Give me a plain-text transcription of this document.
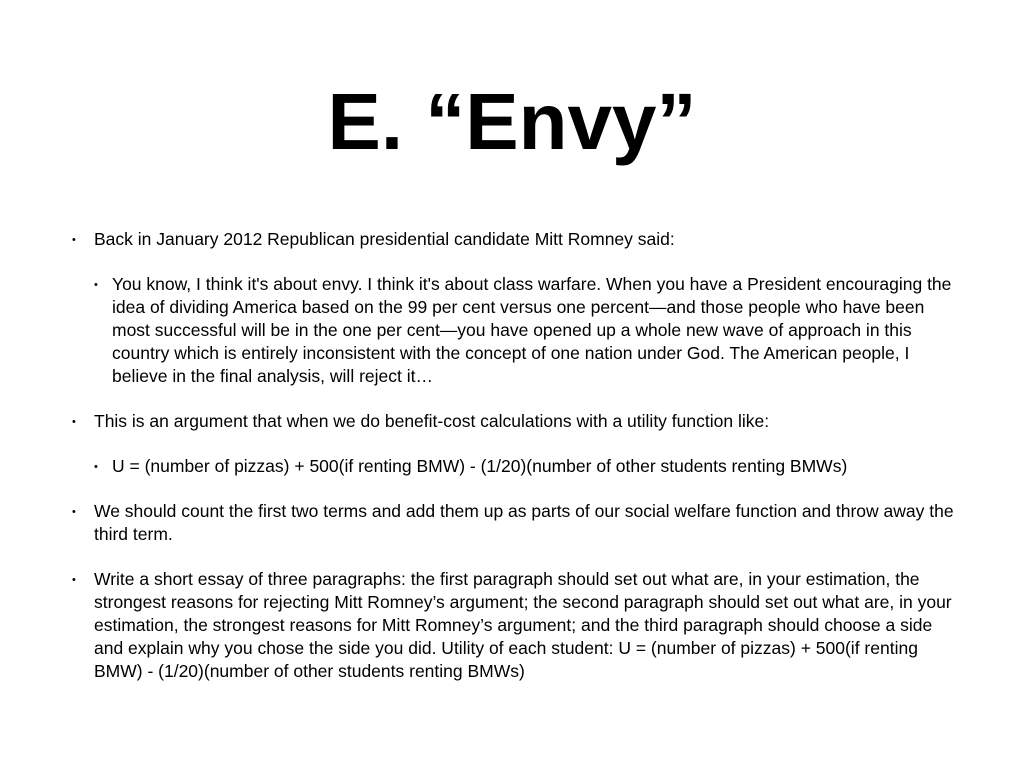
E. “Envy”
• Back in January 2012 Republican presidential candidate Mitt Romney said:
• You know, I think it's about envy. I think it's about class warfare. When you have a President encouraging the idea of dividing America based on the 99 per cent versus one percent—and those people who have been most successful will be in the one per cent—you have opened up a whole new wave of approach in this country which is entirely inconsistent with the concept of one nation under God. The American people, I believe in the final analysis, will reject it…
• This is an argument that when we do benefit-cost calculations with a utility function like:
• U = (number of pizzas) + 500(if renting BMW) - (1/20)(number of other students renting BMWs)
• We should count the first two terms and add them up as parts of our social welfare function and throw away the third term.
• Write a short essay of three paragraphs: the first paragraph should set out what are, in your estimation, the strongest reasons for rejecting Mitt Romney’s argument; the second paragraph should set out what are, in your estimation, the strongest reasons for Mitt Romney’s argument; and the third paragraph should choose a side and explain why you chose the side you did. Utility of each student: U = (number of pizzas) + 500(if renting BMW) - (1/20)(number of other students renting BMWs)
